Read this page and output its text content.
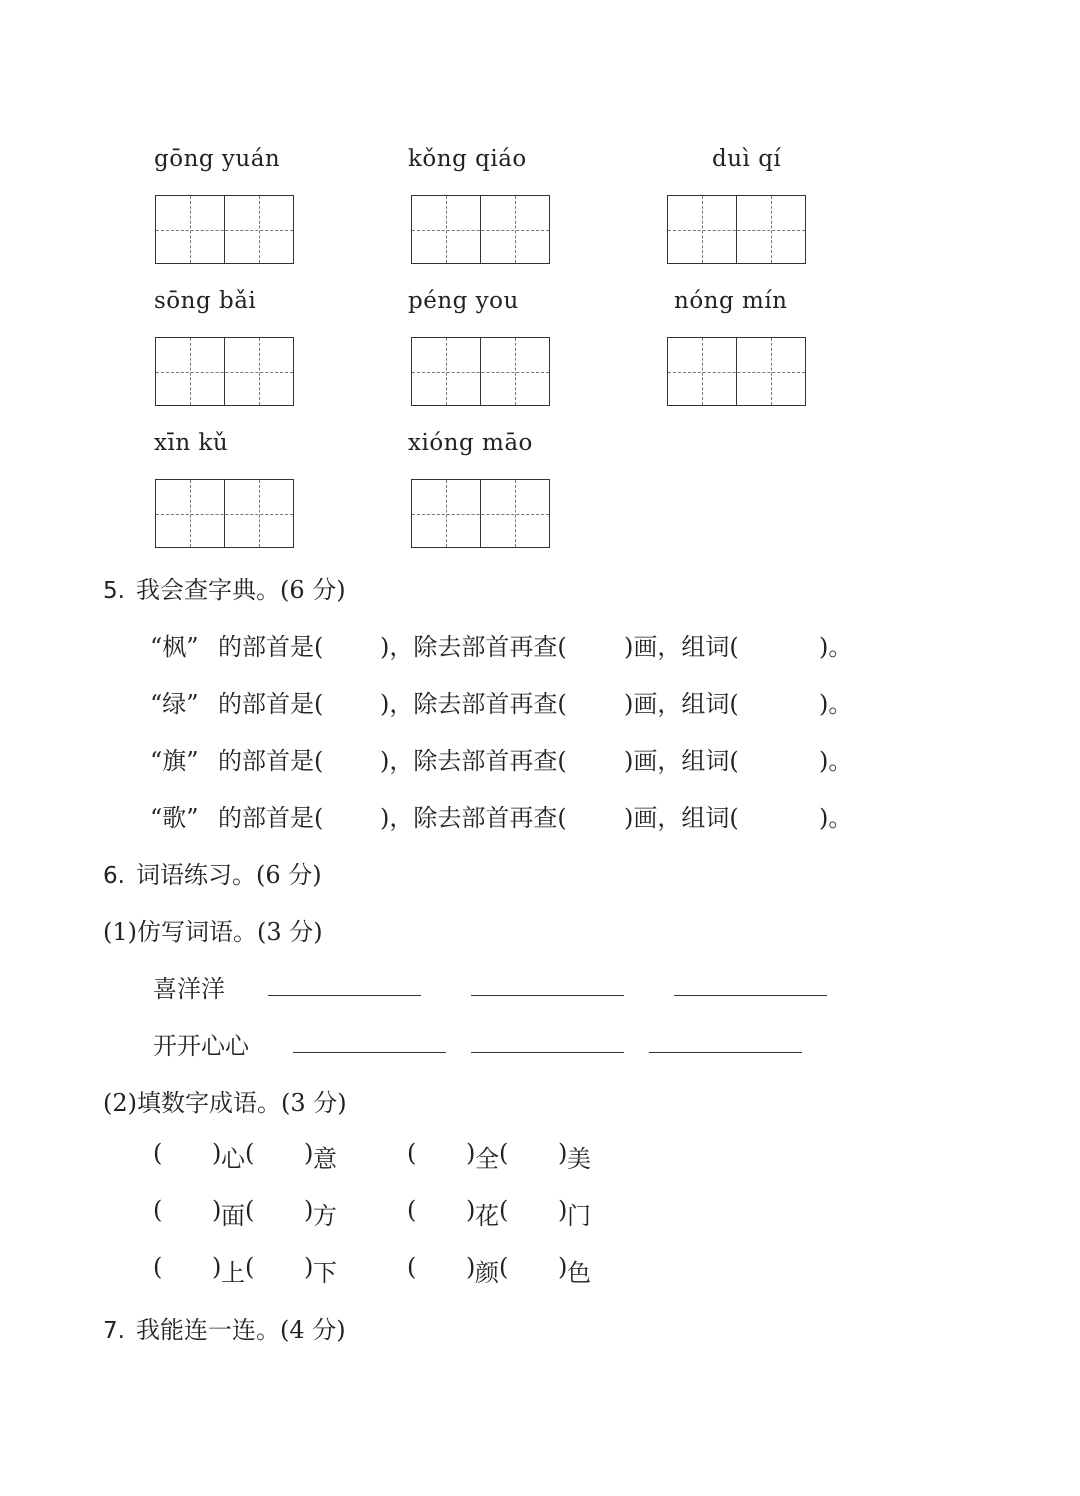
gōng yuán	kǒng qiáo	duì qí
sōng bǎi	péng you	nóng mín
xīn kǔ	xióng māo
5. 我会查字典。(6 分)
“枫” 的部首是( )，除去部首再查( )画，组词(	)。
“绿” 的部首是( )，除去部首再查( )画，组词(	)。
“旗” 的部首是( )，除去部首再查( )画，组词(	)。
“歌” 的部首是( )，除去部首再查( )画，组词(	)。
6. 词语练习。(6 分)
(1)仿写词语。(3 分)
喜洋洋
开开心心
(2)填数字成语。(3 分)
( ) 心 ( ) 意	( ) 全 ( ) 美
( ) 面 ( ) 方	( ) 花 ( ) 门
( ) 上 ( ) 下	( ) 颜 ( ) 色
7. 我能连一连。(4 分)
